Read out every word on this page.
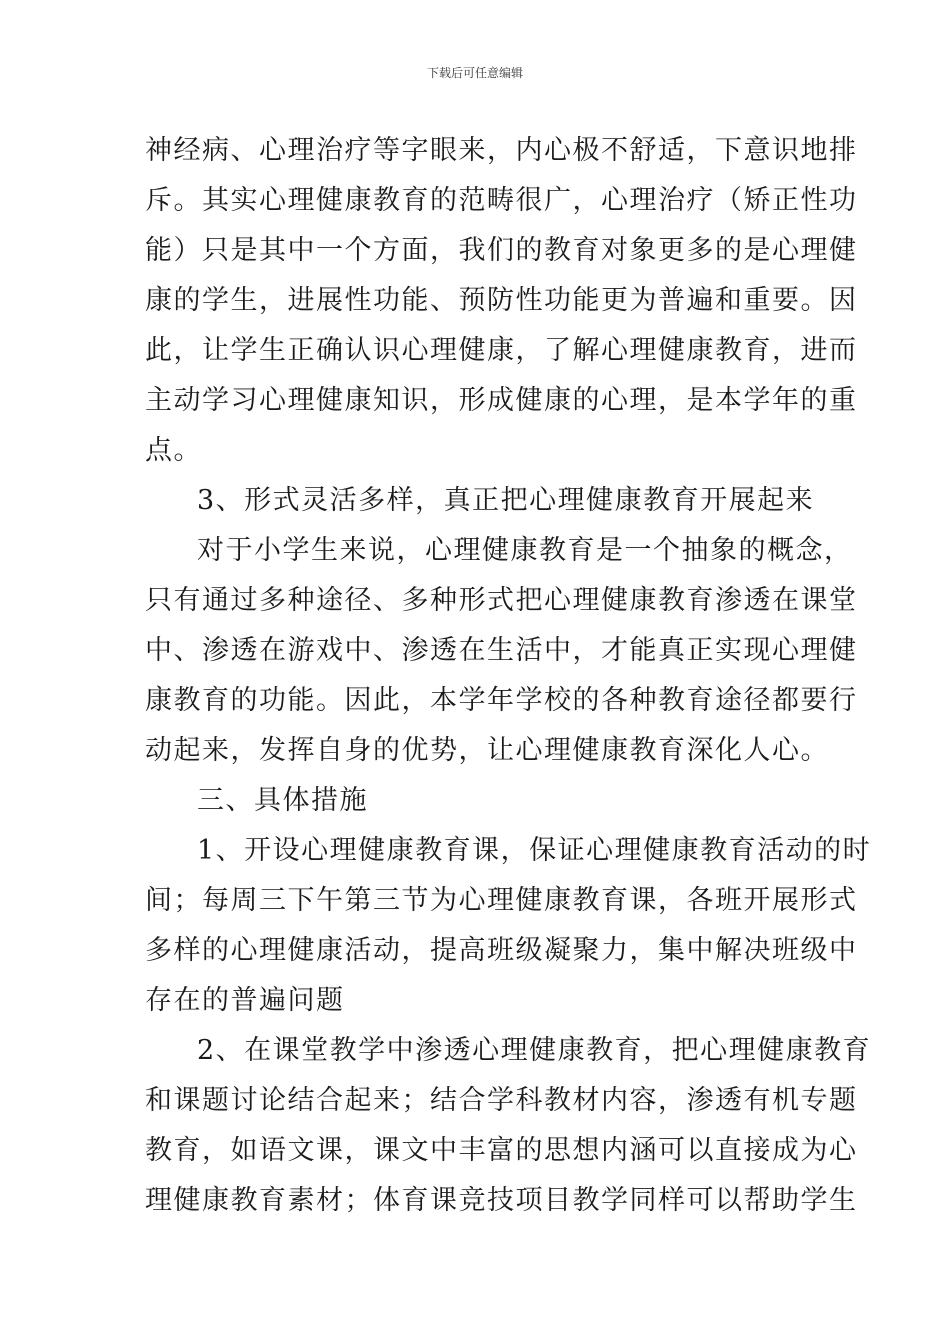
下载后可任意编辑
神经病、心理治疗等字眼来，内心极不舒适，下意识地排
斥。其实心理健康教育的范畴很广，心理治疗（矫正性功
能）只是其中一个方面，我们的教育对象更多的是心理健
康的学生，进展性功能、预防性功能更为普遍和重要。因
此，让学生正确认识心理健康，了解心理健康教育，进而
主动学习心理健康知识，形成健康的心理，是本学年的重
点。
3、形式灵活多样，真正把心理健康教育开展起来
对于小学生来说，心理健康教育是一个抽象的概念，
只有通过多种途径、多种形式把心理健康教育渗透在课堂
中、渗透在游戏中、渗透在生活中，才能真正实现心理健
康教育的功能。因此，本学年学校的各种教育途径都要行
动起来，发挥自身的优势，让心理健康教育深化人心。
三、具体措施
1、开设心理健康教育课，保证心理健康教育活动的时
间；每周三下午第三节为心理健康教育课，各班开展形式
多样的心理健康活动，提高班级凝聚力，集中解决班级中
存在的普遍问题
2、在课堂教学中渗透心理健康教育，把心理健康教育
和课题讨论结合起来；结合学科教材内容，渗透有机专题
教育，如语文课，课文中丰富的思想内涵可以直接成为心
理健康教育素材；体育课竞技项目教学同样可以帮助学生
